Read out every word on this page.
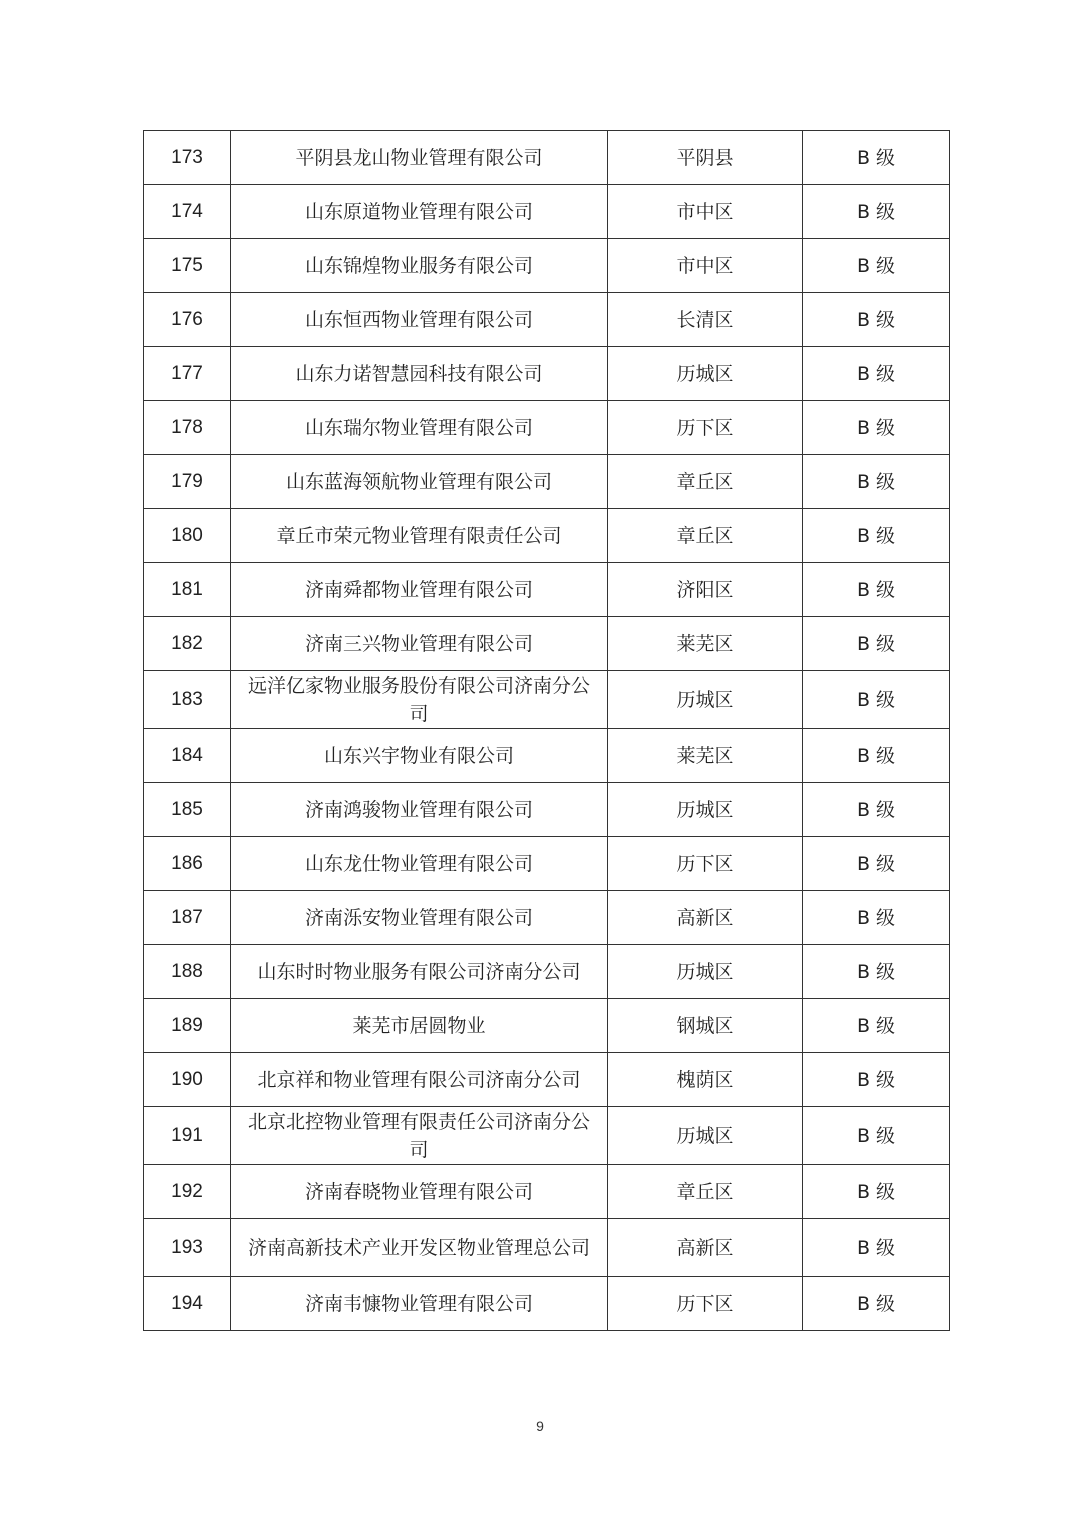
173	平阴县龙山物业管理有限公司	平阴县	B 级
174	山东原道物业管理有限公司	市中区	B 级
175	山东锦煌物业服务有限公司	市中区	B 级
176	山东恒西物业管理有限公司	长清区	B 级
177	山东力诺智慧园科技有限公司	历城区	B 级
178	山东瑞尔物业管理有限公司	历下区	B 级
179	山东蓝海领航物业管理有限公司	章丘区	B 级
180	章丘市荣元物业管理有限责任公司	章丘区	B 级
181	济南舜都物业管理有限公司	济阳区	B 级
182	济南三兴物业管理有限公司	莱芜区	B 级
183	远洋亿家物业服务股份有限公司济南分公司	历城区	B 级
184	山东兴宇物业有限公司	莱芜区	B 级
185	济南鸿骏物业管理有限公司	历城区	B 级
186	山东龙仕物业管理有限公司	历下区	B 级
187	济南泺安物业管理有限公司	高新区	B 级
188	山东时时物业服务有限公司济南分公司	历城区	B 级
189	莱芜市居圆物业	钢城区	B 级
190	北京祥和物业管理有限公司济南分公司	槐荫区	B 级
191	北京北控物业管理有限责任公司济南分公司	历城区	B 级
192	济南春晓物业管理有限公司	章丘区	B 级
193	济南高新技术产业开发区物业管理总公司	高新区	B 级
194	济南韦慷物业管理有限公司	历下区	B 级
9
